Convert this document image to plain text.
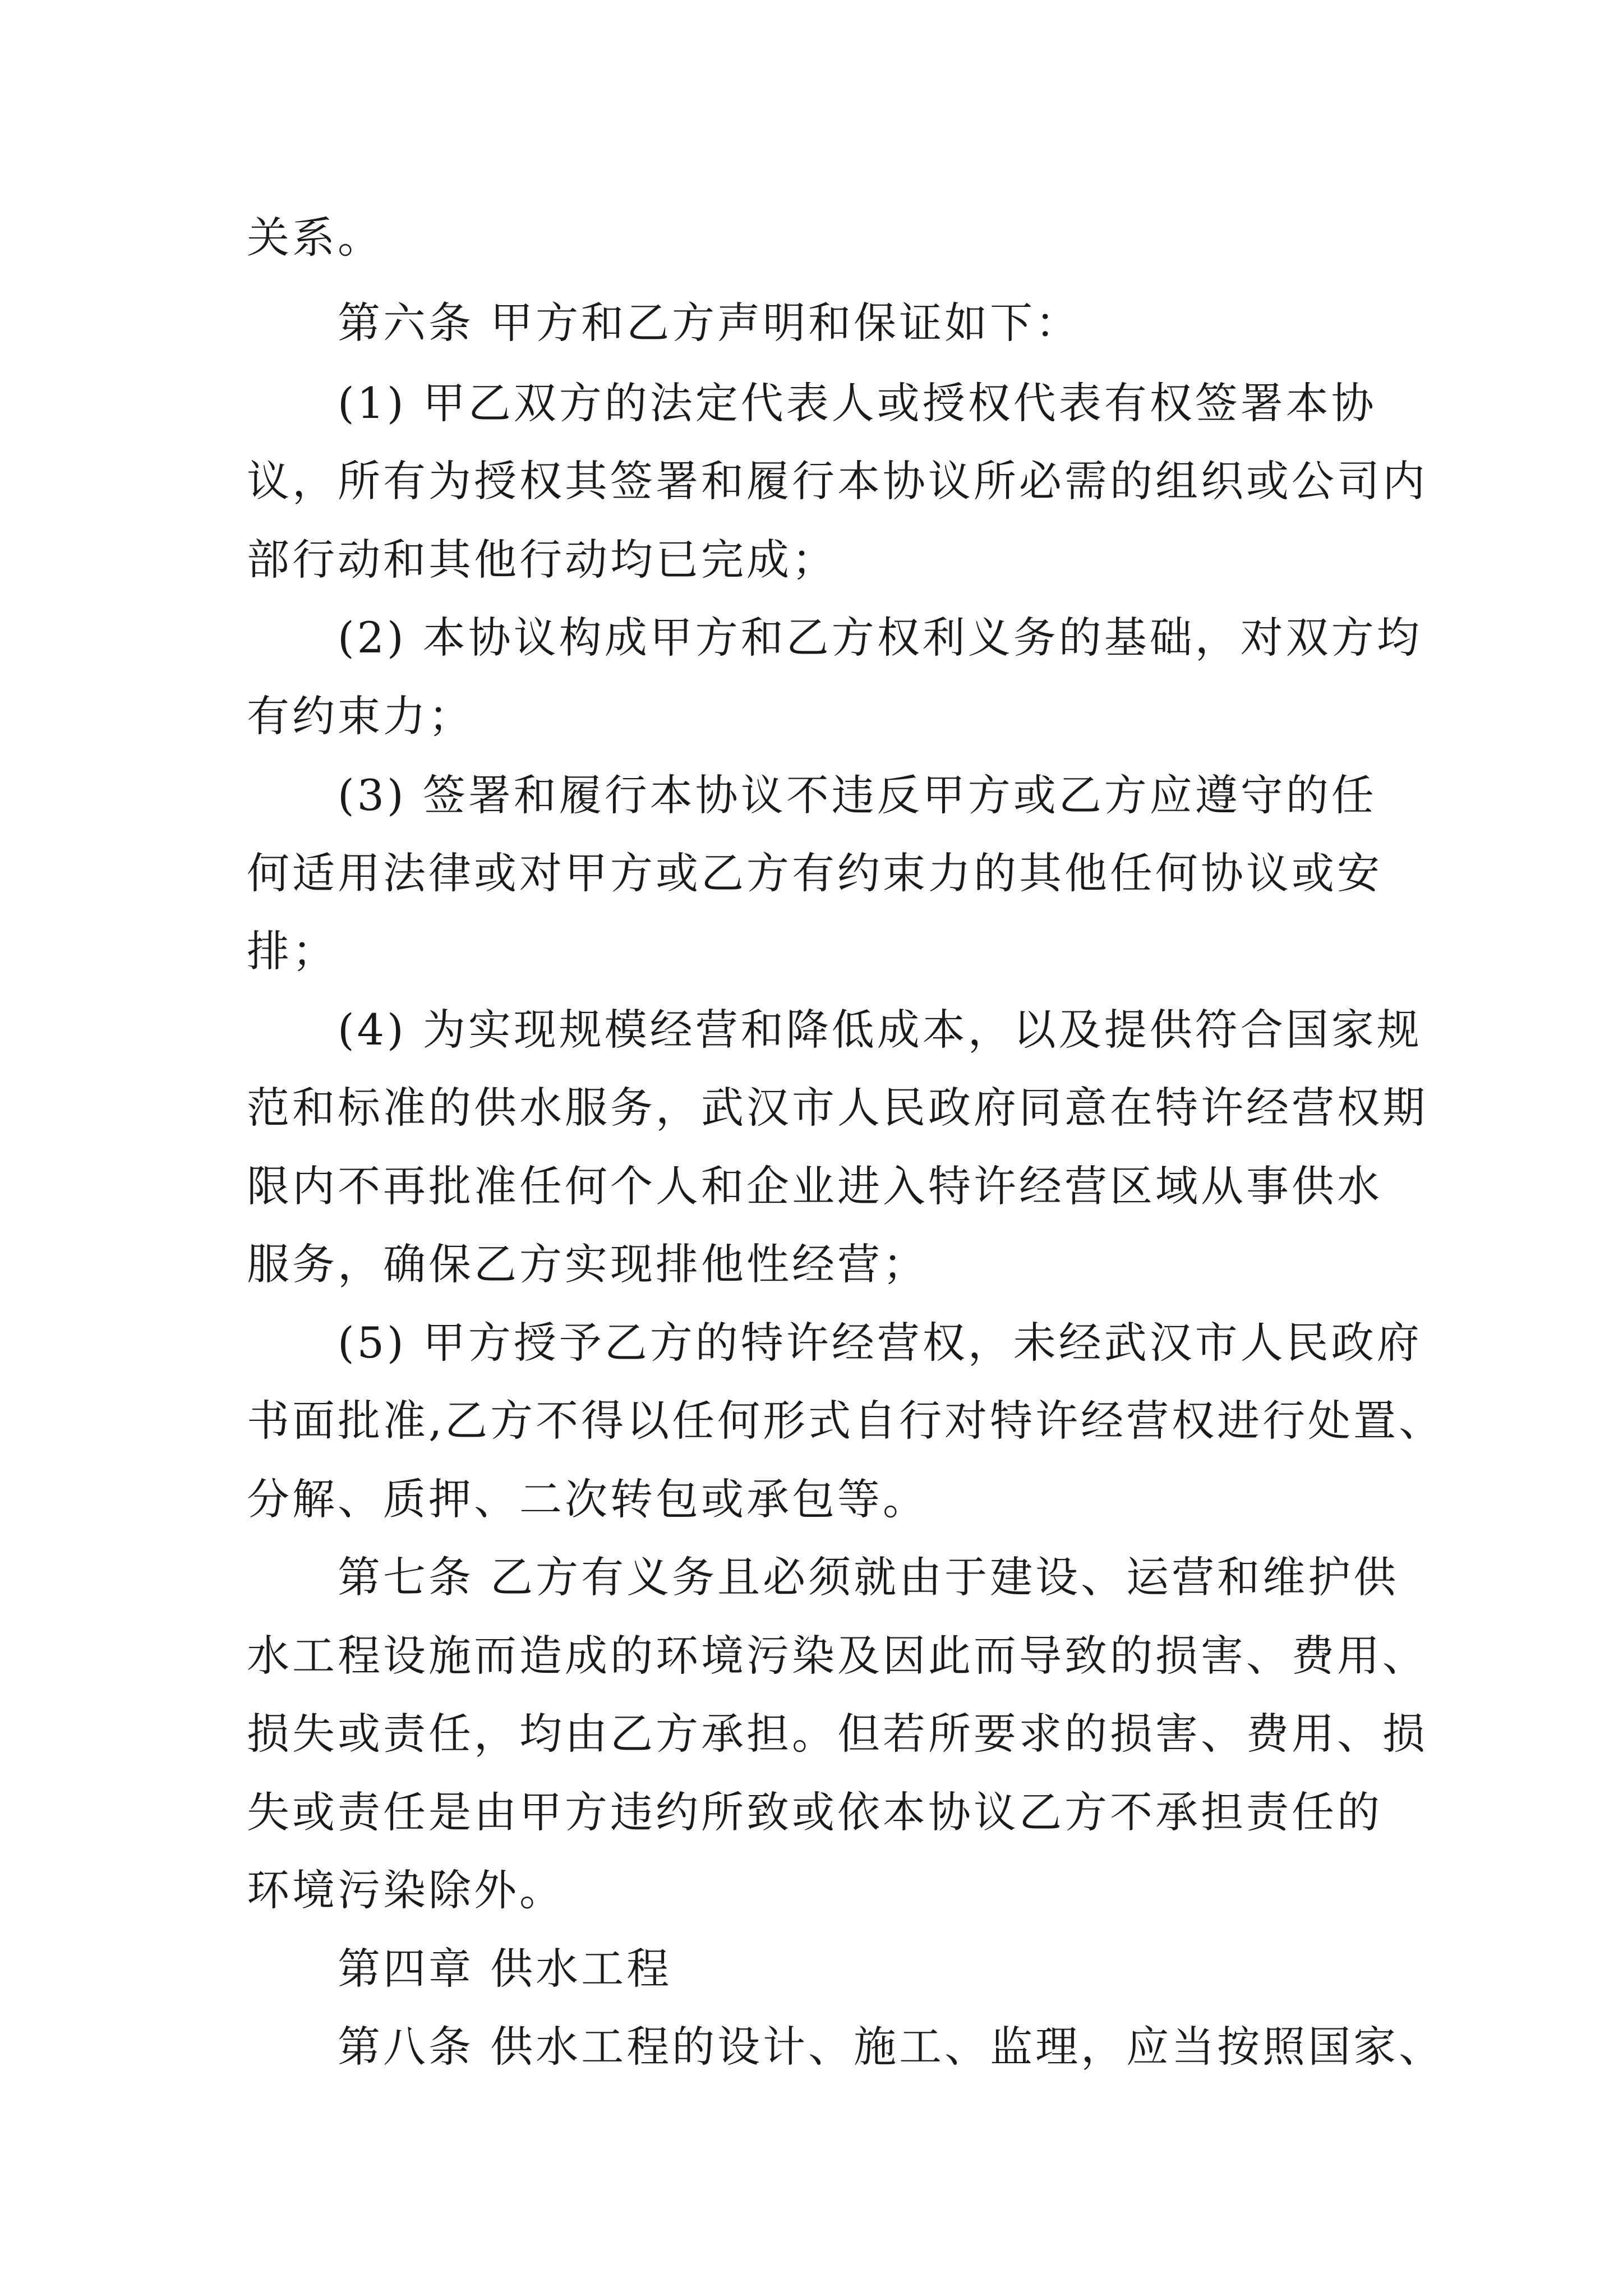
关系。
第六条 甲方和乙方声明和保证如下：
(1) 甲乙双方的法定代表人或授权代表有权签署本协
议，所有为授权其签署和履行本协议所必需的组织或公司内
部行动和其他行动均已完成；
(2) 本协议构成甲方和乙方权利义务的基础，对双方均
有约束力；
(3) 签署和履行本协议不违反甲方或乙方应遵守的任
何适用法律或对甲方或乙方有约束力的其他任何协议或安
排；
(4) 为实现规模经营和降低成本，以及提供符合国家规
范和标准的供水服务，武汉市人民政府同意在特许经营权期
限内不再批准任何个人和企业进入特许经营区域从事供水
服务，确保乙方实现排他性经营；
(5) 甲方授予乙方的特许经营权，未经武汉市人民政府
书面批准,乙方不得以任何形式自行对特许经营权进行处置、
分解、质押、二次转包或承包等。
第七条 乙方有义务且必须就由于建设、运营和维护供
水工程设施而造成的环境污染及因此而导致的损害、费用、
损失或责任，均由乙方承担。但若所要求的损害、费用、损
失或责任是由甲方违约所致或依本协议乙方不承担责任的
环境污染除外。
第四章 供水工程
第八条 供水工程的设计、施工、监理，应当按照国家、
